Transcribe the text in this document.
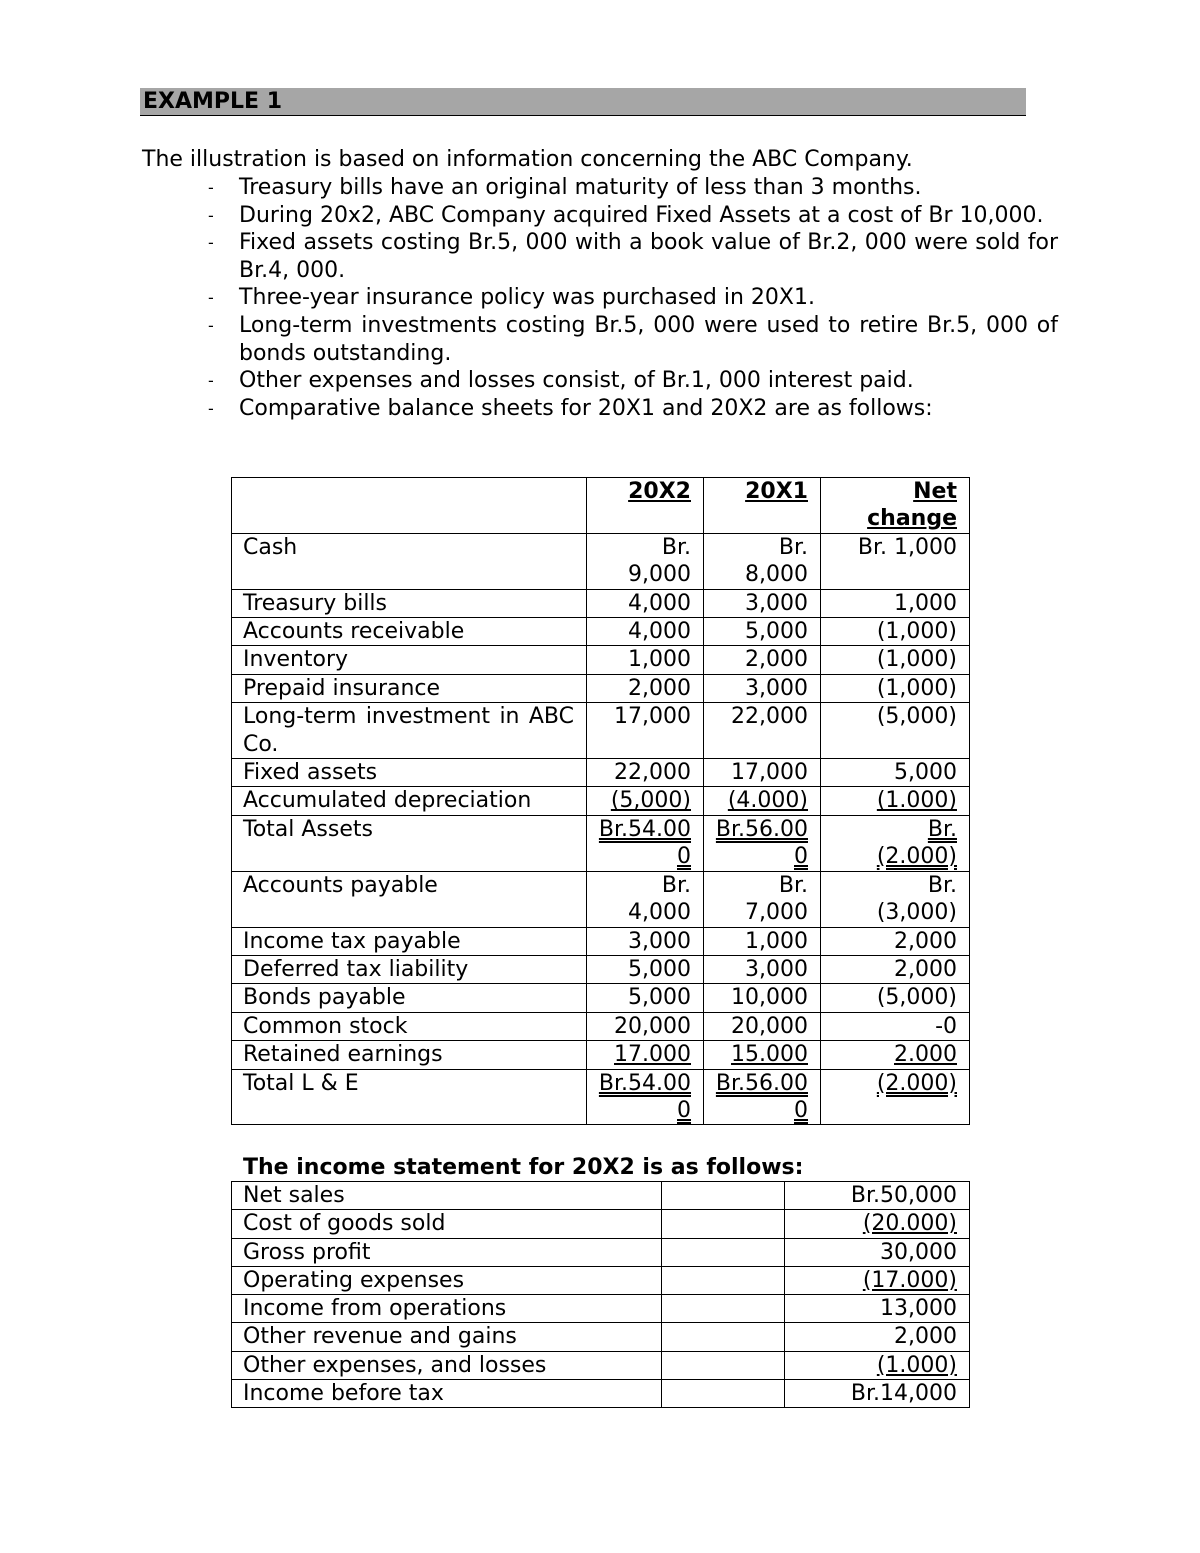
EXAMPLE 1
The illustration is based on information concerning the ABC Company.
- Treasury bills have an original maturity of less than 3 months.
- During 20x2, ABC Company acquired Fixed Assets at a cost of Br 10,000.
- Fixed assets costing Br.5, 000 with a book value of Br.2, 000 were sold for Br.4, 000.
- Three-year insurance policy was purchased in 20X1.
- Long-term investments costing Br.5, 000 were used to retire Br.5, 000 of bonds outstanding.
- Other expenses and losses consist, of Br.1, 000 interest paid.
- Comparative balance sheets for 20X1 and 20X2 are as follows:
	20X2	20X1	Net change
Cash	Br. 9,000	Br. 8,000	Br. 1,000
Treasury bills	4,000	3,000	1,000
Accounts receivable	4,000	5,000	(1,000)
Inventory	1,000	2,000	(1,000)
Prepaid insurance	2,000	3,000	(1,000)
Long-term investment in ABC Co.	17,000	22,000	(5,000)
Fixed assets	22,000	17,000	5,000
Accumulated depreciation	(5,000)	(4.000)	(1.000)
Total Assets	Br.54.000	Br.56.000	Br. (2.000)
Accounts payable	Br. 4,000	Br. 7,000	Br. (3,000)
Income tax payable	3,000	1,000	2,000
Deferred tax liability	5,000	3,000	2,000
Bonds payable	5,000	10,000	(5,000)
Common stock	20,000	20,000	-0
Retained earnings	17.000	15.000	2.000
Total L & E	Br.54.000	Br.56.000	(2.000)
The income statement for 20X2 is as follows:
Net sales		Br.50,000
Cost of goods sold		(20.000)
Gross profit		30,000
Operating expenses		(17.000)
Income from operations		13,000
Other revenue and gains		2,000
Other expenses, and losses		(1.000)
Income before tax		Br.14,000
